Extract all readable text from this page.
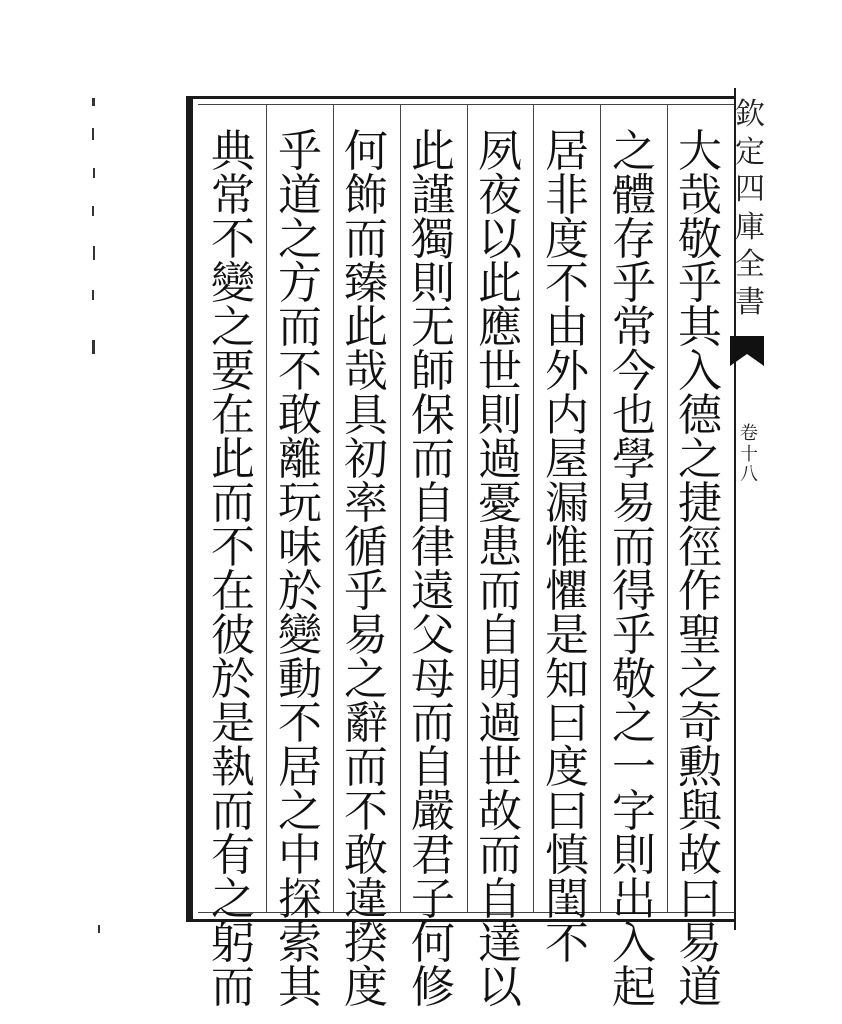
欽
定
四
庫
全
書
卷
十
八
大
哉
敬
乎
其
入
德
之
捷
徑
作
聖
之
奇
勲
與
故
曰
易
道
之
體
存
乎
常
今
也
學
易
而
得
乎
敬
之
一
字
則
出
入
起
居
非
度
不
由
外
内
屋
漏
惟
懼
是
知
曰
度
曰
慎
閨
不
夙
夜
以
此
應
世
則
過
憂
患
而
自
明
過
世
故
而
自
達
以
此
謹
獨
則
无
師
保
而
自
律
遠
父
母
而
自
嚴
君
子
何
修
何
飾
而
臻
此
哉
具
初
率
循
乎
易
之
辭
而
不
敢
違
揆
度
乎
道
之
方
而
不
敢
離
玩
味
於
變
動
不
居
之
中
探
索
其
典
常
不
變
之
要
在
此
而
不
在
彼
於
是
執
而
有
之
躬
而
